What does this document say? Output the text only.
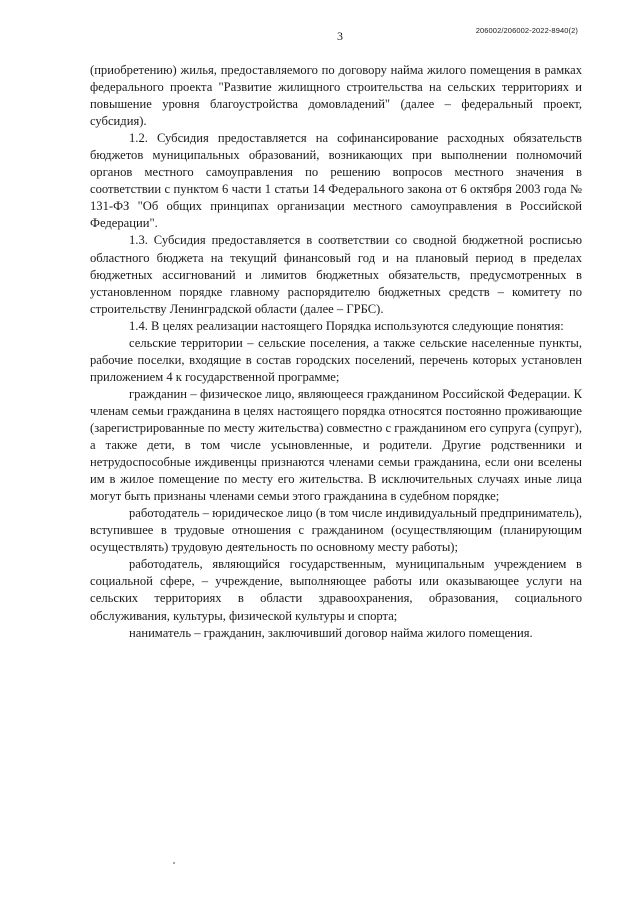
3	206002/206002-2022-8940(2)

(приобретению) жилья, предоставляемого по договору найма жилого помещения в рамках федерального проекта "Развитие жилищного строительства на сельских территориях и повышение уровня благоустройства домовладений" (далее – федеральный проект, субсидия).

1.2. Субсидия предоставляется на софинансирование расходных обязательств бюджетов муниципальных образований, возникающих при выполнении полномочий органов местного самоуправления по решению вопросов местного значения в соответствии с пунктом 6 части 1 статьи 14 Федерального закона от 6 октября 2003 года № 131-ФЗ "Об общих принципах организации местного самоуправления в Российской Федерации".

1.3. Субсидия предоставляется в соответствии со сводной бюджетной росписью областного бюджета на текущий финансовый год и на плановый период в пределах бюджетных ассигнований и лимитов бюджетных обязательств, предусмотренных в установленном порядке главному распорядителю бюджетных средств – комитету по строительству Ленинградской области (далее – ГРБС).

1.4. В целях реализации настоящего Порядка используются следующие понятия:

сельские территории – сельские поселения, а также сельские населенные пункты, рабочие поселки, входящие в состав городских поселений, перечень которых установлен приложением 4 к государственной программе;

гражданин – физическое лицо, являющееся гражданином Российской Федерации. К членам семьи гражданина в целях настоящего порядка относятся постоянно проживающие (зарегистрированные по месту жительства) совместно с гражданином его супруга (супруг), а также дети, в том числе усыновленные, и родители. Другие родственники и нетрудоспособные иждивенцы признаются членами семьи гражданина, если они вселены им в жилое помещение по месту его жительства. В исключительных случаях иные лица могут быть признаны членами семьи этого гражданина в судебном порядке;

работодатель – юридическое лицо (в том числе индивидуальный предприниматель), вступившее в трудовые отношения с гражданином (осуществляющим (планирующим осуществлять) трудовую деятельность по основному месту работы);

работодатель, являющийся государственным, муниципальным учреждением в социальной сфере, – учреждение, выполняющее работы или оказывающее услуги на сельских территориях в области здравоохранения, образования, социального обслуживания, культуры, физической культуры и спорта;

наниматель – гражданин, заключивший договор найма жилого помещения.
